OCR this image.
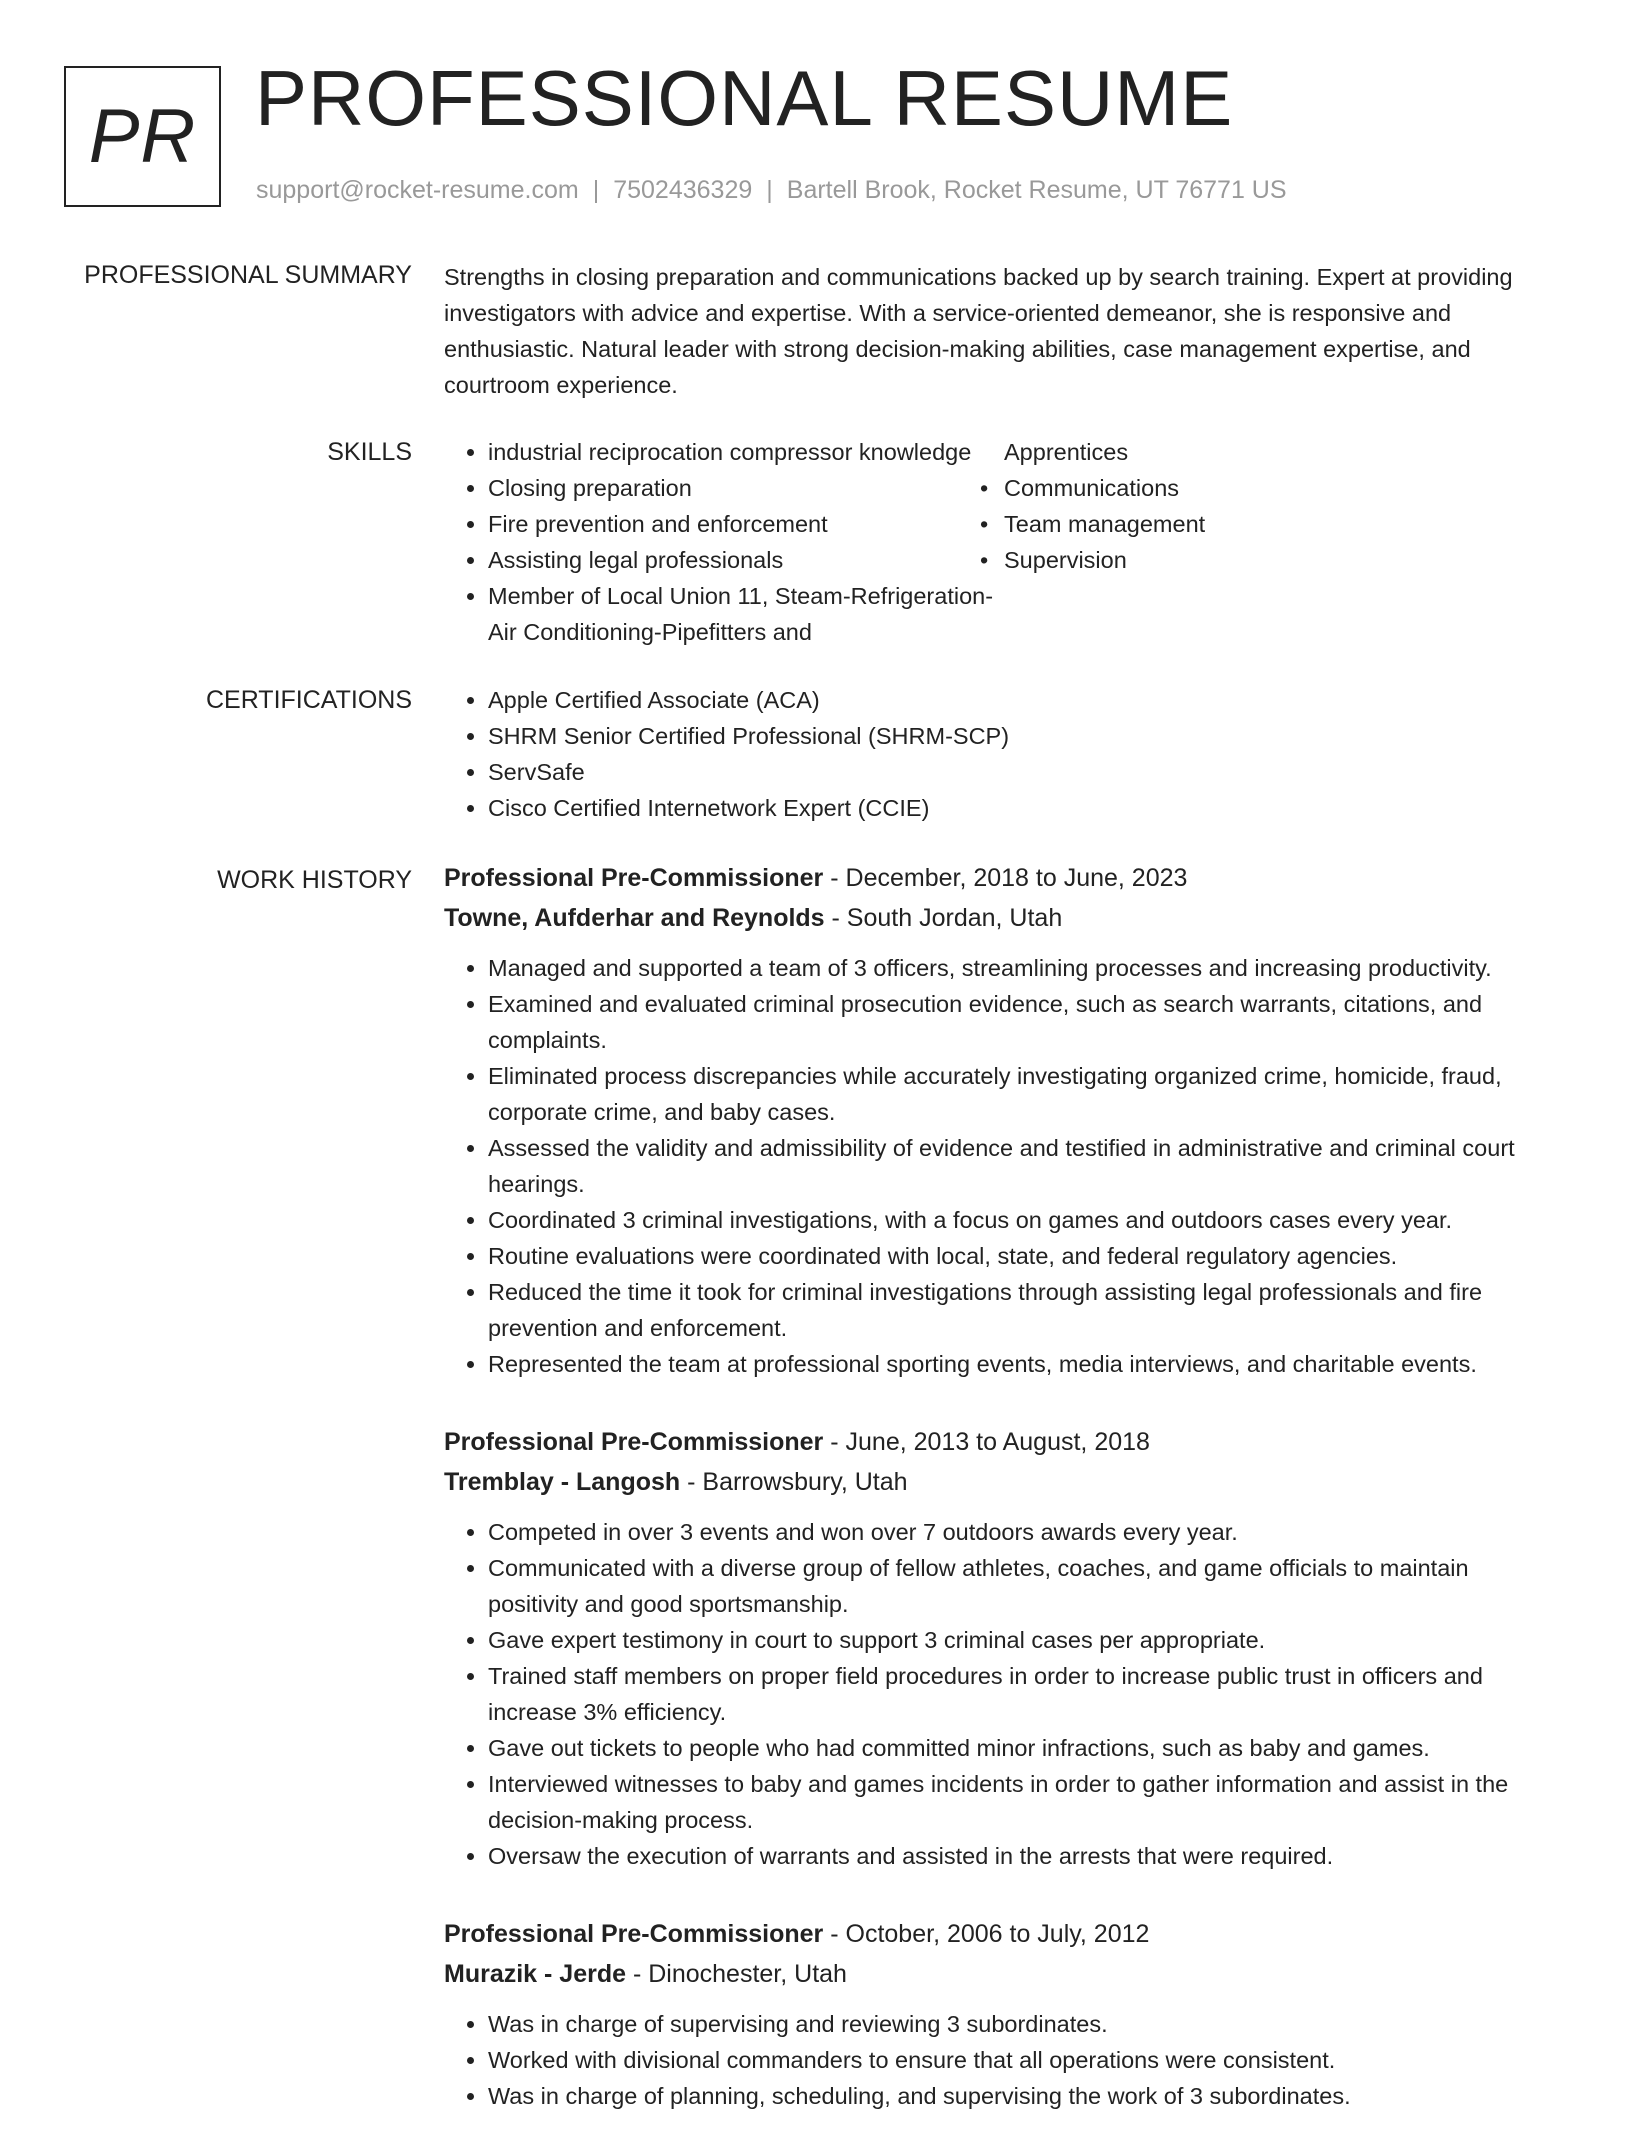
PR PROFESSIONAL RESUME
support@rocket-resume.com | 7502436329 | Bartell Brook, Rocket Resume, UT 76771 US
PROFESSIONAL SUMMARY Strengths in closing preparation and communications backed up by search training. Expert at providing investigators with advice and expertise. With a service-oriented demeanor, she is responsive and enthusiastic. Natural leader with strong decision-making abilities, case management expertise, and courtroom experience.
SKILLS	• industrial reciprocation compressor knowledge
• Closing preparation
• Fire prevention and enforcement
• Assisting legal professionals
• Member of Local Union 11, Steam-Refrigeration-Air Conditioning-Pipefitters and
Apprentices
• Communications
• Team management
• Supervision
CERTIFICATIONS	• Apple Certified Associate (ACA)
• SHRM Senior Certified Professional (SHRM-SCP)
• ServSafe
• Cisco Certified Internetwork Expert (CCIE)
WORK HISTORY Professional Pre-Commissioner - December, 2018 to June, 2023
Towne, Aufderhar and Reynolds - South Jordan, Utah
• Managed and supported a team of 3 officers, streamlining processes and increasing productivity.
• Examined and evaluated criminal prosecution evidence, such as search warrants, citations, and complaints.
• Eliminated process discrepancies while accurately investigating organized crime, homicide, fraud, corporate crime, and baby cases.
• Assessed the validity and admissibility of evidence and testified in administrative and criminal court hearings.
• Coordinated 3 criminal investigations, with a focus on games and outdoors cases every year.
• Routine evaluations were coordinated with local, state, and federal regulatory agencies.
• Reduced the time it took for criminal investigations through assisting legal professionals and fire prevention and enforcement.
• Represented the team at professional sporting events, media interviews, and charitable events.
Professional Pre-Commissioner - June, 2013 to August, 2018
Tremblay - Langosh - Barrowsbury, Utah
• Competed in over 3 events and won over 7 outdoors awards every year.
• Communicated with a diverse group of fellow athletes, coaches, and game officials to maintain positivity and good sportsmanship.
• Gave expert testimony in court to support 3 criminal cases per appropriate.
• Trained staff members on proper field procedures in order to increase public trust in officers and increase 3% efficiency.
• Gave out tickets to people who had committed minor infractions, such as baby and games.
• Interviewed witnesses to baby and games incidents in order to gather information and assist in the decision-making process.
• Oversaw the execution of warrants and assisted in the arrests that were required.
Professional Pre-Commissioner - October, 2006 to July, 2012
Murazik - Jerde - Dinochester, Utah
• Was in charge of supervising and reviewing 3 subordinates.
• Worked with divisional commanders to ensure that all operations were consistent.
• Was in charge of planning, scheduling, and supervising the work of 3 subordinates.
